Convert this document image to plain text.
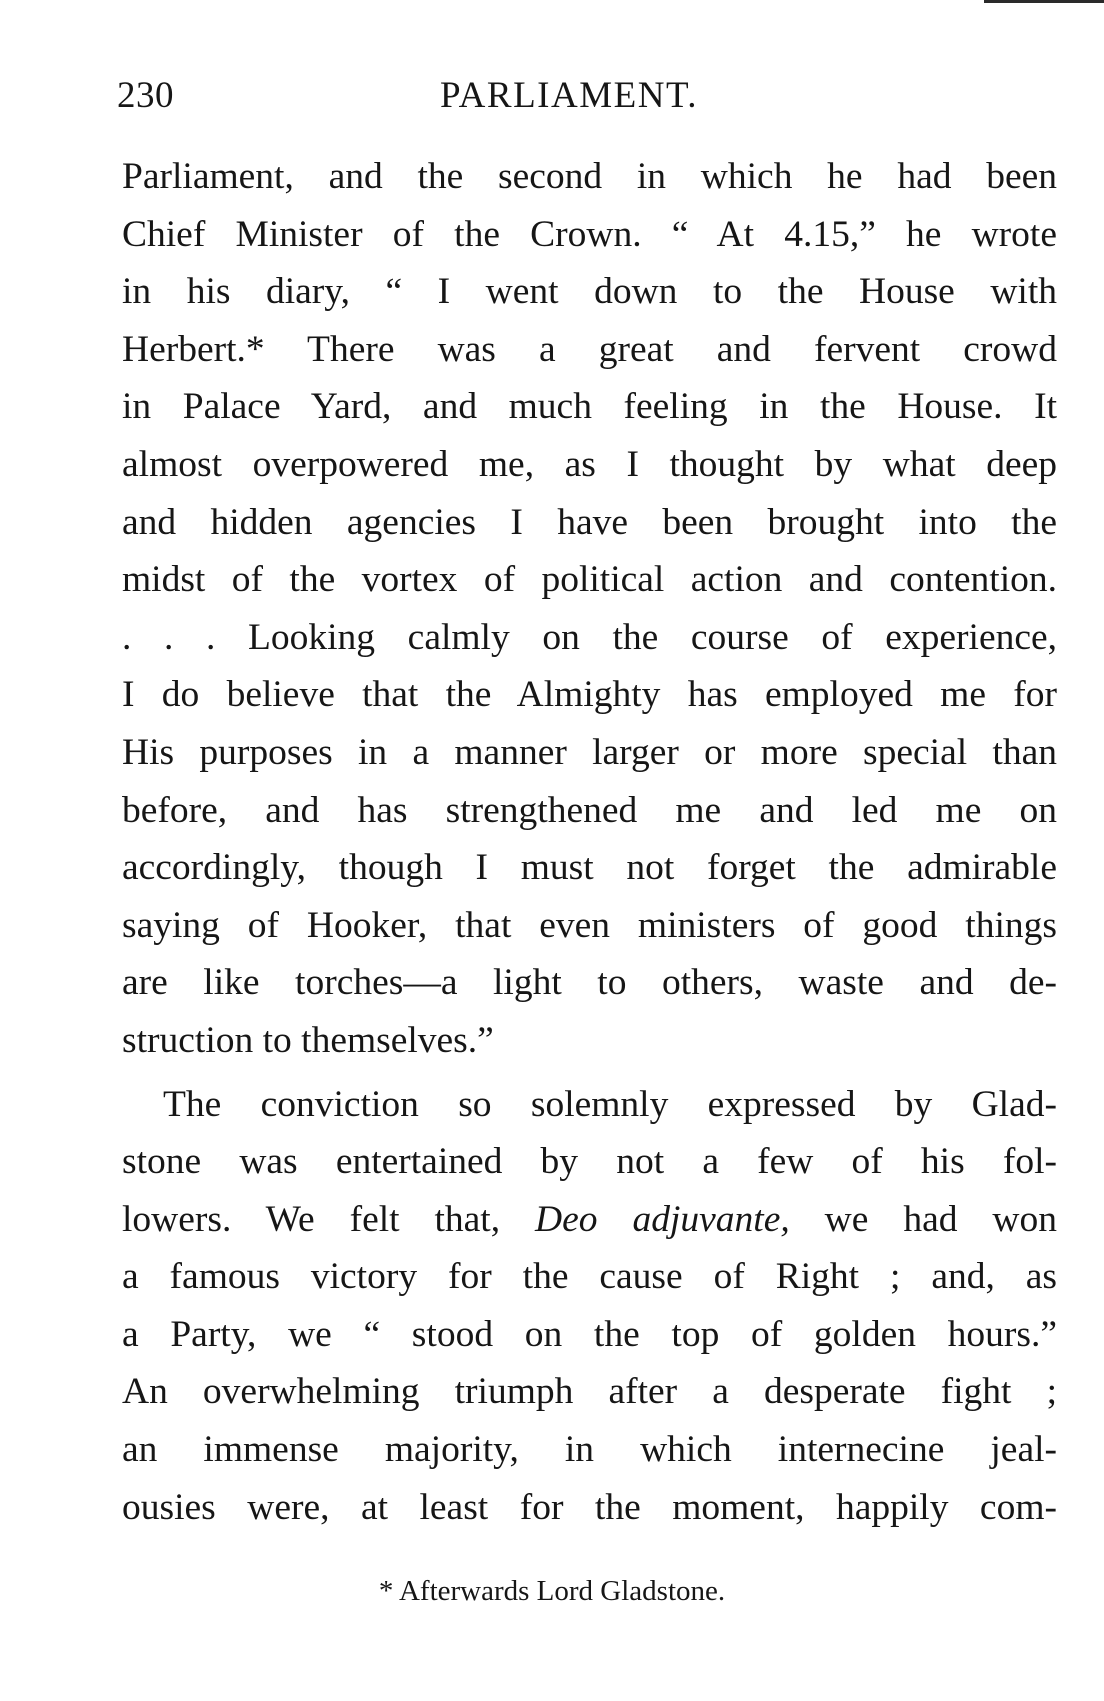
230	PARLIAMENT.
Parliament, and the second in which he had been
Chief Minister of the Crown. “ At 4.15,” he wrote
in his diary, “ I went down to the House with
Herbert.* There was a great and fervent crowd
in Palace Yard, and much feeling in the House. It
almost overpowered me, as I thought by what deep
and hidden agencies I have been brought into the
midst of the vortex of political action and contention.
. . . Looking calmly on the course of experience,
I do believe that the Almighty has employed me for
His purposes in a manner larger or more special than
before, and has strengthened me and led me on
accordingly, though I must not forget the admirable
saying of Hooker, that even ministers of good things
are like torches—a light to others, waste and de-
struction to themselves.”
The conviction so solemnly expressed by Glad-
stone was entertained by not a few of his fol-
lowers. We felt that, Deo adjuvante, we had won
a famous victory for the cause of Right ; and, as
a Party, we “ stood on the top of golden hours.”
An overwhelming triumph after a desperate fight ;
an immense majority, in which internecine jeal-
ousies were, at least for the moment, happily com-
* Afterwards Lord Gladstone.
